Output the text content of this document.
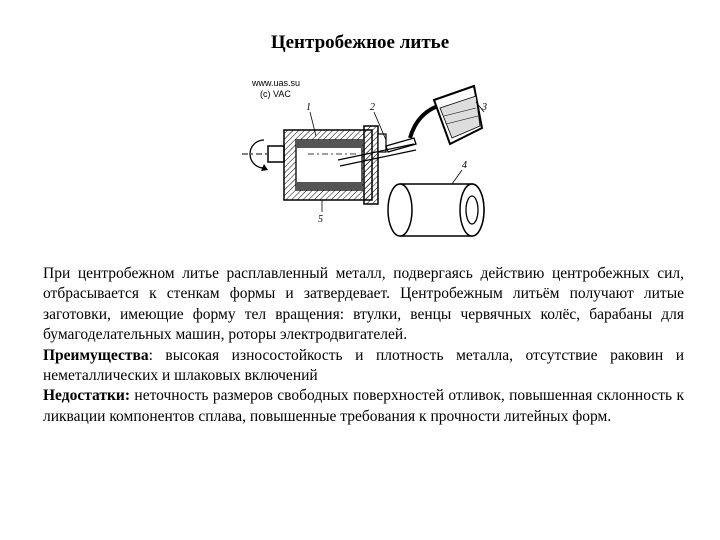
Центробежное литье
www.uas.su
(c) VAC
1	2	3
4
5

При центробежном литье расплавленный металл, подвергаясь действию центробежных сил, отбрасывается к стенкам формы и затвердевает. Центробежным литьём получают литые заготовки, имеющие форму тел вращения: втулки, венцы червячных колёс, барабаны для бумагоделательных машин, роторы электродвигателей.

Преимущества: высокая износостойкость и плотность металла, отсутствие раковин и неметаллических и шлаковых включений

Недостатки: неточность размеров свободных поверхностей отливок, повышенная склонность к ликвации компонентов сплава, повышенные требования к прочности литейных форм.
